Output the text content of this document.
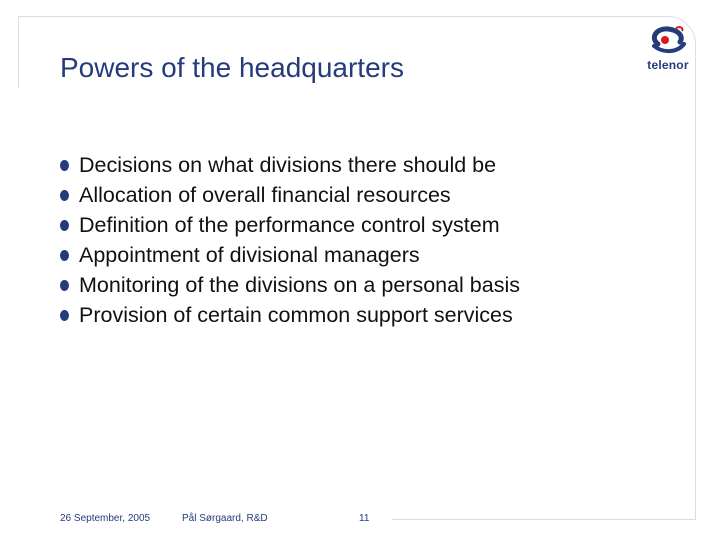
Powers of the headquarters	telenor
Decisions on what divisions there should be
Allocation of overall financial resources
Definition of the performance control system
Appointment of divisional managers
Monitoring of the divisions on a personal basis
Provision of certain common support services
26 September, 2005	Pål Sørgaard, R&D	11
